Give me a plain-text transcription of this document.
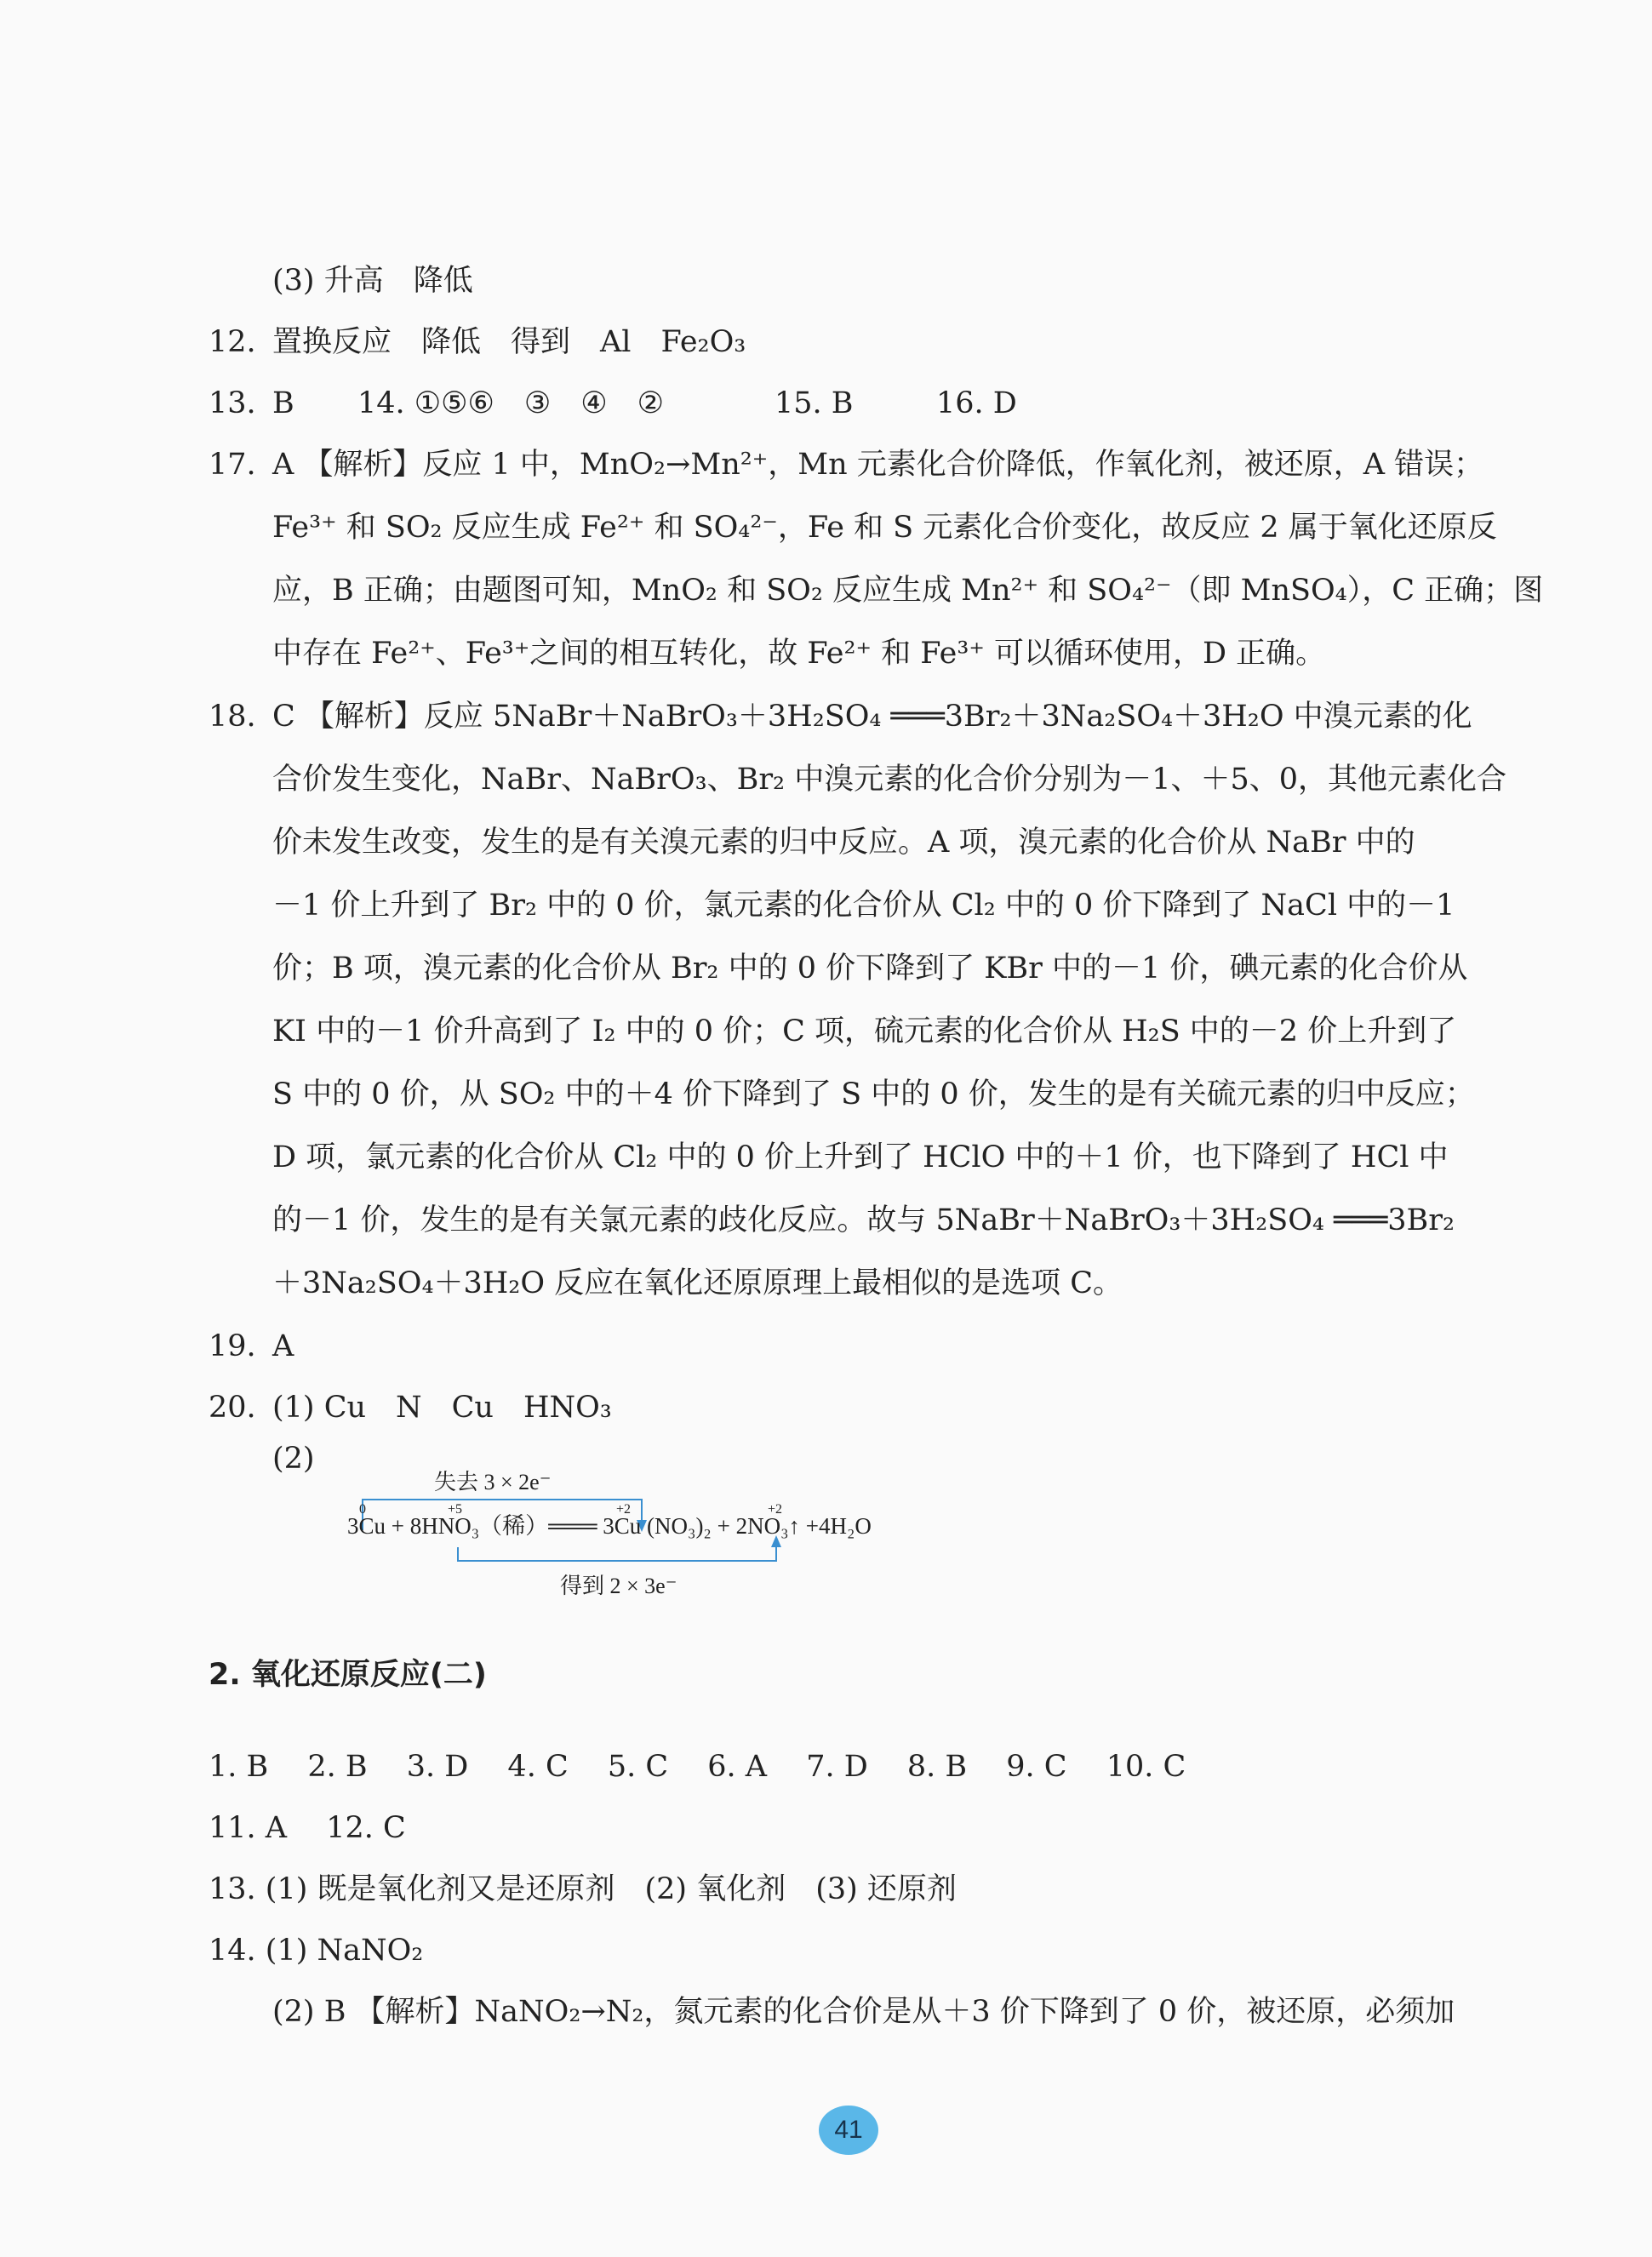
(3) 升高　降低
12. 置换反应　降低　得到　Al　Fe₂O₃
13. B 14. ①⑤⑥　③　④　②	15. B	16. D
17. A 【解析】反应 1 中，MnO₂→Mn²⁺，Mn 元素化合价降低，作氧化剂，被还原，A 错误；
Fe³⁺ 和 SO₂ 反应生成 Fe²⁺ 和 SO₄²⁻，Fe 和 S 元素化合价变化，故反应 2 属于氧化还原反
应，B 正确；由题图可知，MnO₂ 和 SO₂ 反应生成 Mn²⁺ 和 SO₄²⁻（即 MnSO₄），C 正确；图
中存在 Fe²⁺、Fe³⁺之间的相互转化，故 Fe²⁺ 和 Fe³⁺ 可以循环使用，D 正确。
18. C 【解析】反应 5NaBr＋NaBrO₃＋3H₂SO₄ ═══3Br₂＋3Na₂SO₄＋3H₂O 中溴元素的化
合价发生变化，NaBr、NaBrO₃、Br₂ 中溴元素的化合价分别为－1、＋5、0，其他元素化合
价未发生改变，发生的是有关溴元素的归中反应。A 项，溴元素的化合价从 NaBr 中的
－1 价上升到了 Br₂ 中的 0 价，氯元素的化合价从 Cl₂ 中的 0 价下降到了 NaCl 中的－1
价；B 项，溴元素的化合价从 Br₂ 中的 0 价下降到了 KBr 中的－1 价，碘元素的化合价从
KI 中的－1 价升高到了 I₂ 中的 0 价；C 项，硫元素的化合价从 H₂S 中的－2 价上升到了
S 中的 0 价，从 SO₂ 中的＋4 价下降到了 S 中的 0 价，发生的是有关硫元素的归中反应；
D 项，氯元素的化合价从 Cl₂ 中的 0 价上升到了 HClO 中的＋1 价，也下降到了 HCl 中
的－1 价，发生的是有关氯元素的歧化反应。故与 5NaBr＋NaBrO₃＋3H₂SO₄ ═══3Br₂
＋3Na₂SO₄＋3H₂O 反应在氧化还原原理上最相似的是选项 C。
19. A
20. (1) Cu　N　Cu　HNO₃
(2)
失去 3 × 2e⁻
得到 2 × 3e⁻
0	+5	+2	+2
3Cu + 8HNO₃（稀）═══ 3Cu (NO₃)₂ + 2NO₃↑ +4H₂O
2. 氧化还原反应(二)
1. B　 2. B　 3. D　 4. C　 5. C　 6. A　 7. D　 8. B　 9. C　 10. C
11. A　 12. C
13. (1) 既是氧化剂又是还原剂　(2) 氧化剂　(3) 还原剂
14. (1) NaNO₂
(2) B 【解析】NaNO₂→N₂，氮元素的化合价是从＋3 价下降到了 0 价，被还原，必须加
41
